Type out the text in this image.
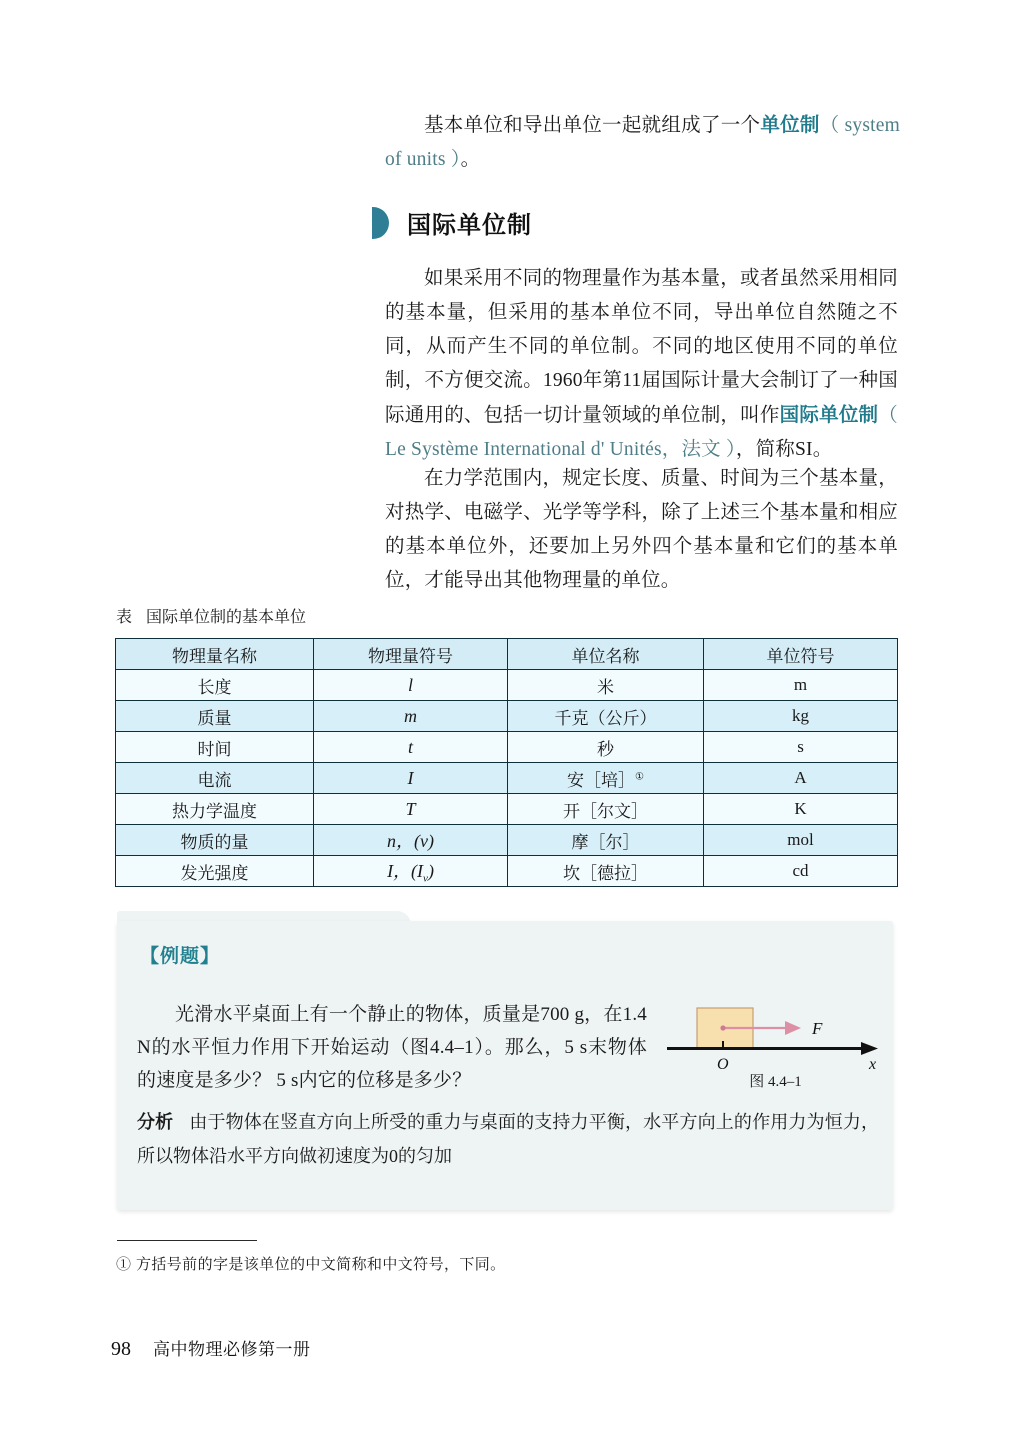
基本单位和导出单位一起就组成了一个单位制（ system of units ）。

国际单位制

如果采用不同的物理量作为基本量，或者虽然采用相同的基本量，但采用的基本单位不同，导出单位自然随之不同，从而产生不同的单位制。不同的地区使用不同的单位制，不方便交流。1960年第11届国际计量大会制订了一种国际通用的、包括一切计量领域的单位制，叫作国际单位制（ Le Système International d' Unités，法文 ），简称SI。

在力学范围内，规定长度、质量、时间为三个基本量，对热学、电磁学、光学等学科，除了上述三个基本量和相应的基本单位外，还要加上另外四个基本量和它们的基本单位，才能导出其他物理量的单位。

表 国际单位制的基本单位
物理量名称	物理量符号	单位名称	单位符号
长度	l	米	m
质量	m	千克（公斤）	kg
时间	t	秒	s
电流	I	安［培］①	A
热力学温度	T	开［尔文］	K
物质的量	n，(ν)	摩［尔］	mol
发光强度	I，$(I_v)$	坎［德拉］	cd
【例题】
光滑水平桌面上有一个静止的物体，质量是700 g，在1.4 N的水平恒力作用下开始运动（图4.4–1）。那么，5 s末物体的速度是多少？ 5 s内它的位移是多少？
分析 由于物体在竖直方向上所受的重力与桌面的支持力平衡，水平方向上的作用力为恒力，所以物体沿水平方向做初速度为0的匀加
F
O	x
图 4.4–1
① 方括号前的字是该单位的中文简称和中文符号，下同。
98 高中物理必修第一册
